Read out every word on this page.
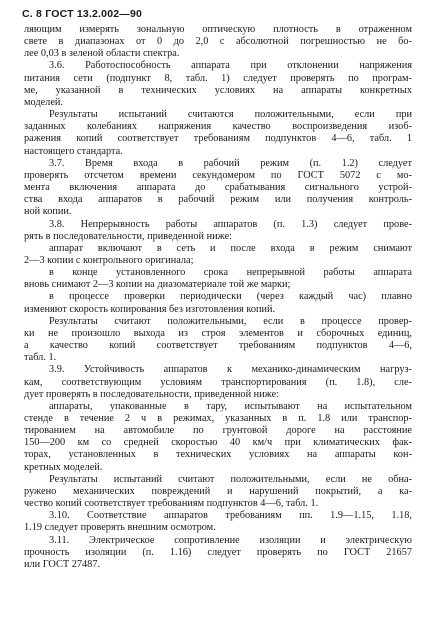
С. 8 ГОСТ 13.2.002—90
ляющим измерять зональную оптическую плотность в отраженном
свете в диапазонах от 0 до 2,0 с абсолютной погрешностью не бо-
лее 0,03 в зеленой области спектра.
3.6. Работоспособность аппарата при отклонении напряжения
питания сети (подпункт 8, табл. 1) следует проверять по програм-
ме, указанной в технических условиях на аппараты конкретных
моделей.
Результаты испытаний считаются положительными, если при
заданных колебаниях напряжения качество воспроизведения изоб-
ражения копий соответствует требованиям подпунктов 4—6, табл. 1
настоящего стандарта.
3.7. Время входа в рабочий режим (п. 1.2) следует
проверять отсчетом времени секундомером по ГОСТ 5072 с мо-
мента включения аппарата до срабатывания сигнального устрой-
ства входа аппаратов в рабочий режим или получения контроль-
ной копии.
3.8. Непрерывность работы аппаратов (п. 1.3) следует прове-
рять в последовательности, приведенной ниже:
аппарат включают в сеть и после входа в режим снимают
2—3 копии с контрольного оригинала;
в конце установленного срока непрерывной работы аппарата
вновь снимают 2—3 копии на диазоматериале той же марки;
в процессе проверки периодически (через каждый час) плавно
изменяют скорость копирования без изготовления копий.
Результаты считают положительными, если в процессе провер-
ки не произошло выхода из строя элементов и сборочных единиц,
а качество копий соответствует требованиям подпунктов 4—6,
табл. 1.
3.9. Устойчивость аппаратов к механико-динамическим нагруз-
кам, соответствующим условиям транспортирования (п. 1.8), сле-
дует проверять в последовательности, приведенной ниже:
аппараты, упакованные в тару, испытывают на испытательном
стенде в течение 2 ч в режимах, указанных в п. 1.8 или транспор-
тированием на автомобиле по грунтовой дороге на расстояние
150—200 км со средней скоростью 40 км/ч при климатических фак-
торах, установленных в технических условиях на аппараты кон-
кретных моделей.
Результаты испытаний считают положительными, если не обна-
ружено механических повреждений и нарушений покрытий, а ка-
чество копий соответствует требованиям подпунктов 4—6, табл. 1.
3.10. Соответствие аппаратов требованиям пп. 1.9—1.15, 1.18,
1.19 следует проверять внешним осмотром.
3.11. Электрическое сопротивление изоляции и электрическую
прочность изоляции (п. 1.16) следует проверять по ГОСТ 21657
или ГОСТ 27487.
